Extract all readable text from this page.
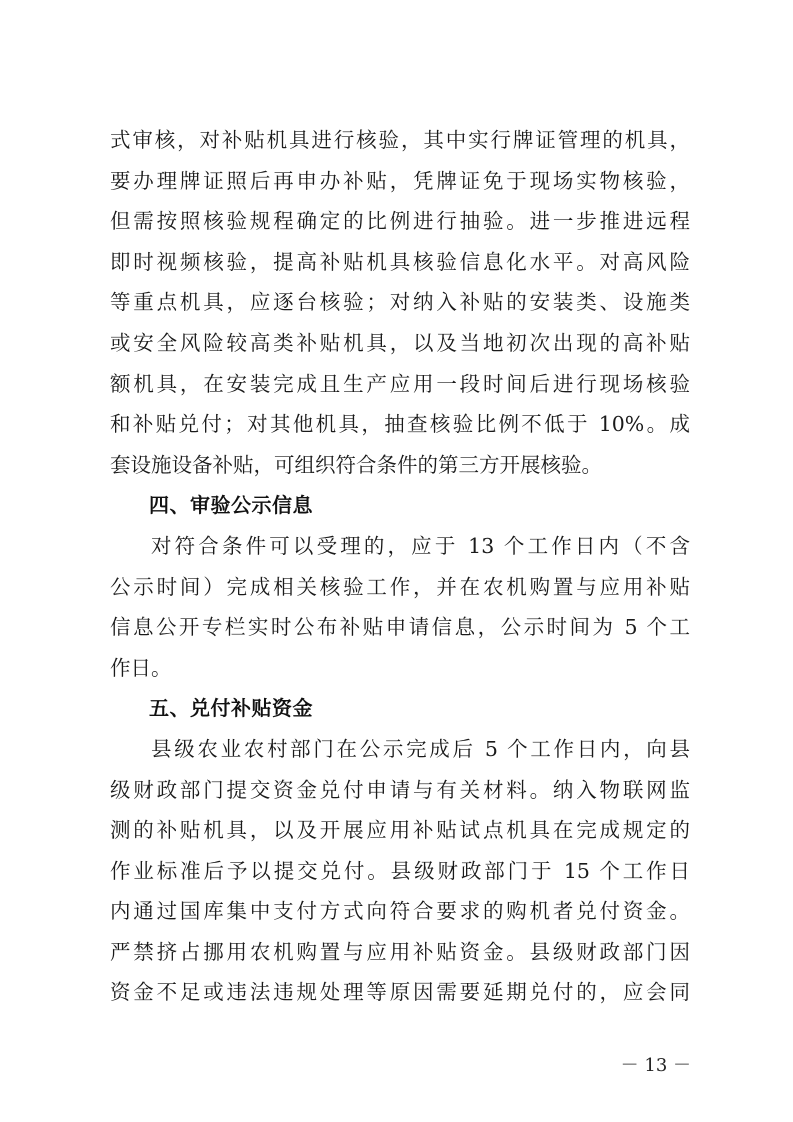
式审核，对补贴机具进行核验，其中实行牌证管理的机具，
要办理牌证照后再申办补贴，凭牌证免于现场实物核验，
但需按照核验规程确定的比例进行抽验。进一步推进远程
即时视频核验，提高补贴机具核验信息化水平。对高风险
等重点机具，应逐台核验；对纳入补贴的安装类、设施类
或安全风险较高类补贴机具，以及当地初次出现的高补贴
额机具，在安装完成且生产应用一段时间后进行现场核验
和补贴兑付；对其他机具，抽查核验比例不低于 10%。成
套设施设备补贴，可组织符合条件的第三方开展核验。
四、审验公示信息
对符合条件可以受理的，应于 13 个工作日内（不含
公示时间）完成相关核验工作，并在农机购置与应用补贴
信息公开专栏实时公布补贴申请信息，公示时间为 5 个工
作日。
五、兑付补贴资金
县级农业农村部门在公示完成后 5 个工作日内，向县
级财政部门提交资金兑付申请与有关材料。纳入物联网监
测的补贴机具，以及开展应用补贴试点机具在完成规定的
作业标准后予以提交兑付。县级财政部门于 15 个工作日
内通过国库集中支付方式向符合要求的购机者兑付资金。
严禁挤占挪用农机购置与应用补贴资金。县级财政部门因
资金不足或违法违规处理等原因需要延期兑付的，应会同
－ 13 －
